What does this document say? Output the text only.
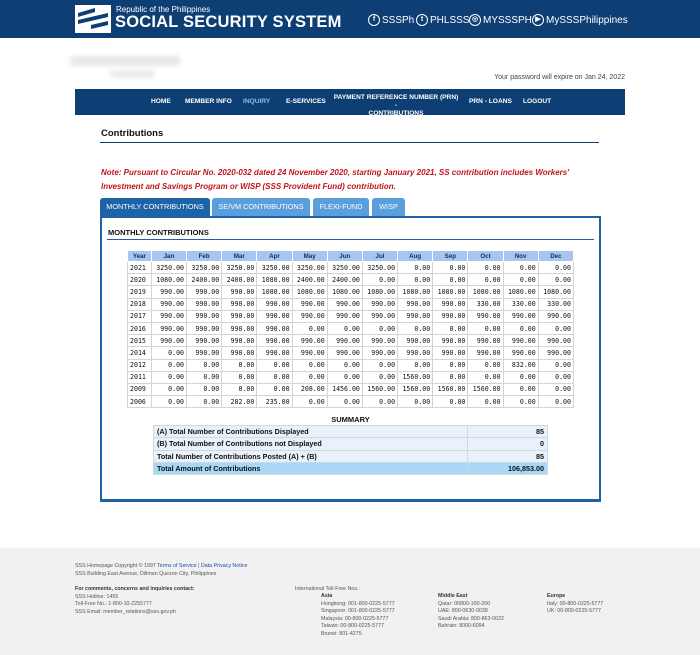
Republic of the Philippines
SOCIAL SECURITY SYSTEM	f SSSPh t PHLSSS ◎ MYSSSPH ▶ MySSSPhilippines
Your password will expire on Jan 24, 2022
HOME MEMBER INFO INQUIRY E-SERVICES
PAYMENT REFERENCE NUMBER (PRN) -
CONTRIBUTIONS
PRN - LOANS LOGOUT
Contributions
Note: Pursuant to Circular No. 2020-032 dated 24 November 2020, starting January 2021, SS contribution includes Workers'
Investment and Savings Program or WISP (SSS Provident Fund) contribution.
MONTHLY CONTRIBUTIONS	SE/VM CONTRIBUTIONS	FLEXI-FUND	WISP
MONTHLY CONTRIBUTIONS
Year	Jan	Feb	Mar	Apr	May	Jun	Jul	Aug	Sep	Oct	Nov	Dec
2021	3250.00	3250.00	3250.00	3250.00	3250.00	3250.00	3250.00	0.00	0.00	0.00	0.00	0.00
2020	1080.00	2400.00	2400.00	1080.00	2400.00	2400.00	0.00	0.00	0.00	0.00	0.00	0.00
2019	990.00	990.00	990.00	1080.00	1080.00	1080.00	1080.00	1080.00	1080.00	1080.00	1080.00	1080.00
2018	990.00	990.00	990.00	990.00	990.00	990.00	990.00	990.00	990.00	330.00	330.00	330.00
2017	990.00	990.00	990.00	990.00	990.00	990.00	990.00	990.00	990.00	990.00	990.00	990.00
2016	990.00	990.00	990.00	990.00	0.00	0.00	0.00	0.00	0.00	0.00	0.00	0.00
2015	990.00	990.00	990.00	990.00	990.00	990.00	990.00	990.00	990.00	990.00	990.00	990.00
2014	0.00	990.00	990.00	990.00	990.00	990.00	990.00	990.00	990.00	990.00	990.00	990.00
2012	0.00	0.00	0.00	0.00	0.00	0.00	0.00	0.00	0.00	0.00	832.00	0.00
2011	0.00	0.00	0.00	0.00	0.00	0.00	0.00	1560.00	0.00	0.00	0.00	0.00
2009	0.00	0.00	0.00	0.00	208.00	1456.00	1560.00	1560.00	1560.00	1560.00	0.00	0.00
2006	0.00	0.00	282.00	235.00	0.00	0.00	0.00	0.00	0.00	0.00	0.00	0.00
SUMMARY
(A) Total Number of Contributions Displayed	85
(B) Total Number of Contributions not Displayed	0
Total Number of Contributions Posted (A) + (B)	85
Total Amount of Contributions	106,853.00
SSS Homepage Copyright © 1997 Terms of Service | Data Privacy Notice
SSS Building East Avenue, Diliman Quezon City, Philippines
For comments, concerns and inquiries contact:
SSS Hotline: 1455
Toll-Free No.: 1-800-10-2255777
SSS Email: member_relations@sss.gov.ph
International Toll-Free Nos.:
Asia
Hongkong: 001-800-0225-5777
Singapore: 001-800-0225-5777
Malaysia: 00-800-0225-5777
Taiwan: 00-800-0225-5777
Brunei: 801-4275
Middle East
Qatar: 00800-100-260
UAE: 800-0630-0038
Saudi Arabia: 800-863-0022
Bahrain: 8000-6094
Europe
Italy: 00-800-0225-5777
UK: 00-800-0225-5777
